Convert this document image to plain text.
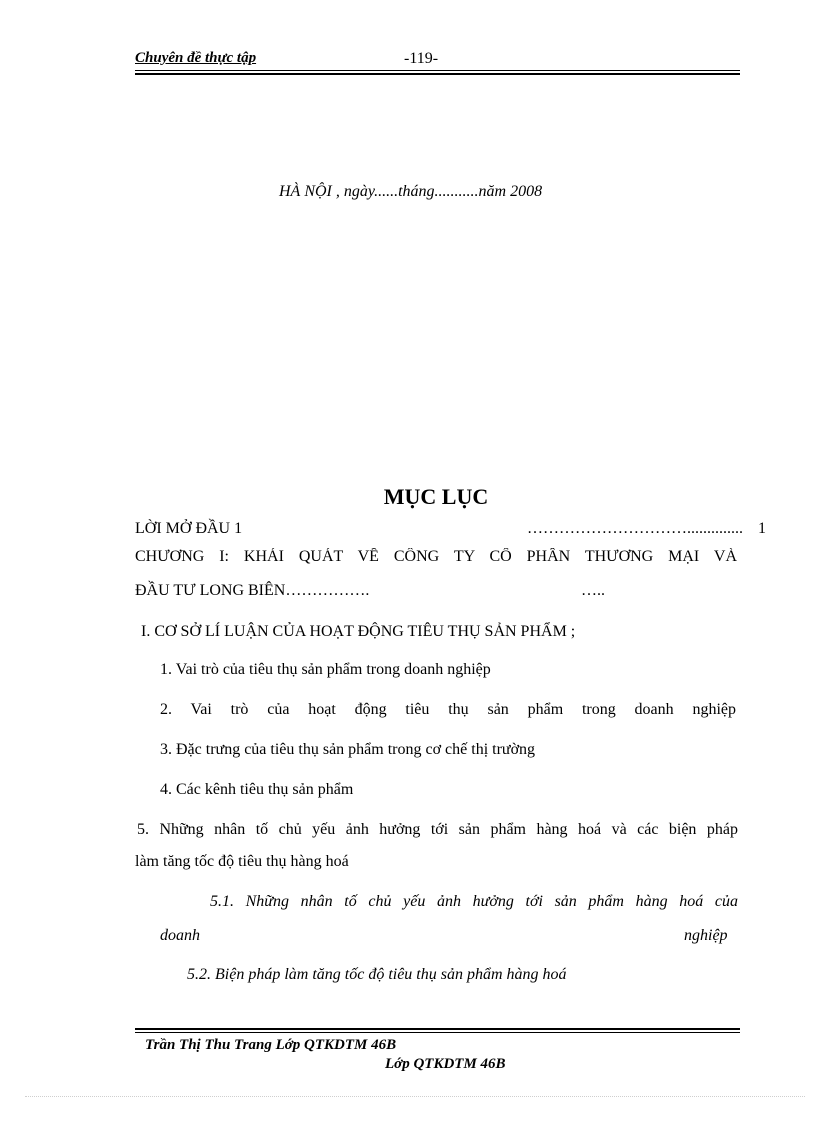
Chuyên đề thực tập	-119-
HÀ NỘI , ngày......tháng...........năm 2008
MỤC LỤC
LỜI MỞ ĐẦU 1	………………………….............. 1
CHƯƠNG I: KHÁI QUÁT VỀ CÔNG TY CỔ PHẦN THƯƠNG MẠI VÀ
ĐẦU TƯ LONG BIÊN…………….	…..
I. CƠ SỞ LÍ LUẬN CỦA HOẠT ĐỘNG TIÊU THỤ SẢN PHẨM ;
1. Vai trò của tiêu thụ sản phẩm trong doanh nghiệp
2. Vai trò của hoạt động tiêu thụ sản phẩm trong doanh nghiệp
3. Đặc trưng của tiêu thụ sản phẩm trong cơ chế thị trường
4. Các kênh tiêu thụ sản phẩm
5. Những nhân tố chủ yếu ảnh hưởng tới sản phẩm hàng hoá và các biện pháp
làm tăng tốc độ tiêu thụ hàng hoá
5.1. Những nhân tố chủ yếu ảnh hưởng tới sản phẩm hàng hoá của
doanh	nghiệp
5.2. Biện pháp làm tăng tốc độ tiêu thụ sản phẩm hàng hoá
Trần Thị Thu Trang Lớp QTKDTM 46B
Lớp QTKDTM 46B
